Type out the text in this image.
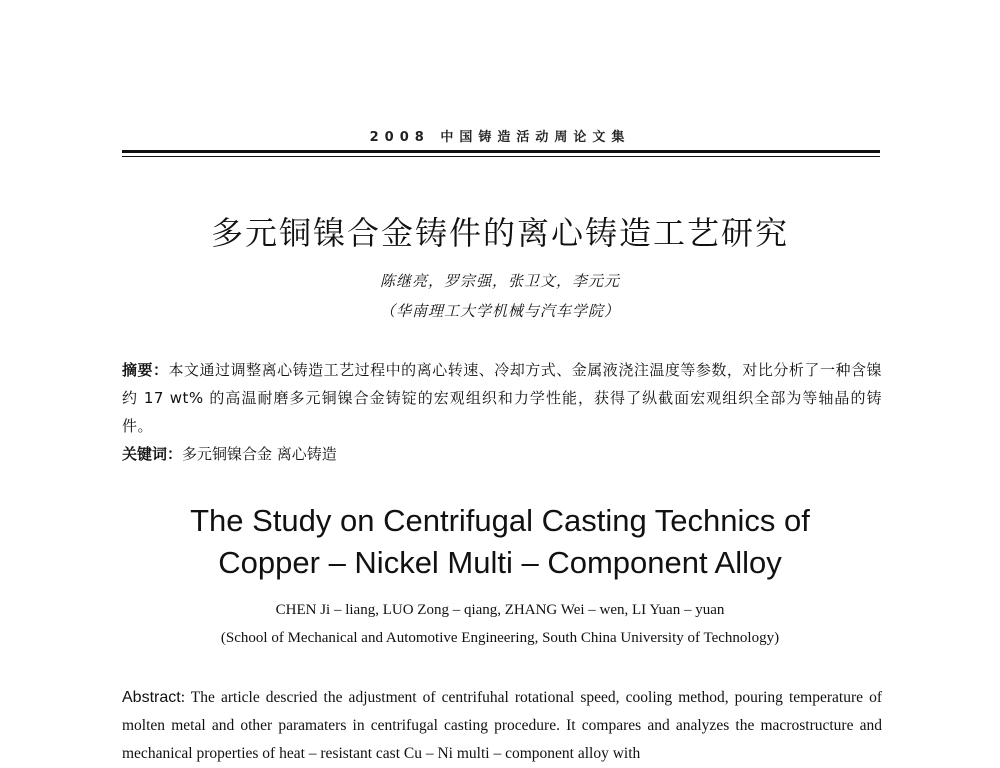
2008 中国铸造活动周论文集
多元铜镍合金铸件的离心铸造工艺研究
陈继亮，罗宗强，张卫文，李元元
（华南理工大学机械与汽车学院）
摘要：本文通过调整离心铸造工艺过程中的离心转速、冷却方式、金属液浇注温度等参数，对比分析了一种含镍约 17 wt% 的高温耐磨多元铜镍合金铸锭的宏观组织和力学性能，获得了纵截面宏观组织全部为等轴晶的铸件。
关键词：多元铜镍合金 离心铸造
The Study on Centrifugal Casting Technics of
Copper – Nickel Multi – Component Alloy
CHEN Ji – liang, LUO Zong – qiang, ZHANG Wei – wen, LI Yuan – yuan
(School of Mechanical and Automotive Engineering, South China University of Technology)
Abstract: The article descried the adjustment of centrifuhal rotational speed, cooling method, pouring temperature of molten metal and other paramaters in centrifugal casting procedure. It compares and analyzes the macrostructure and mechanical properties of heat – resistant cast Cu – Ni multi – component alloy with
